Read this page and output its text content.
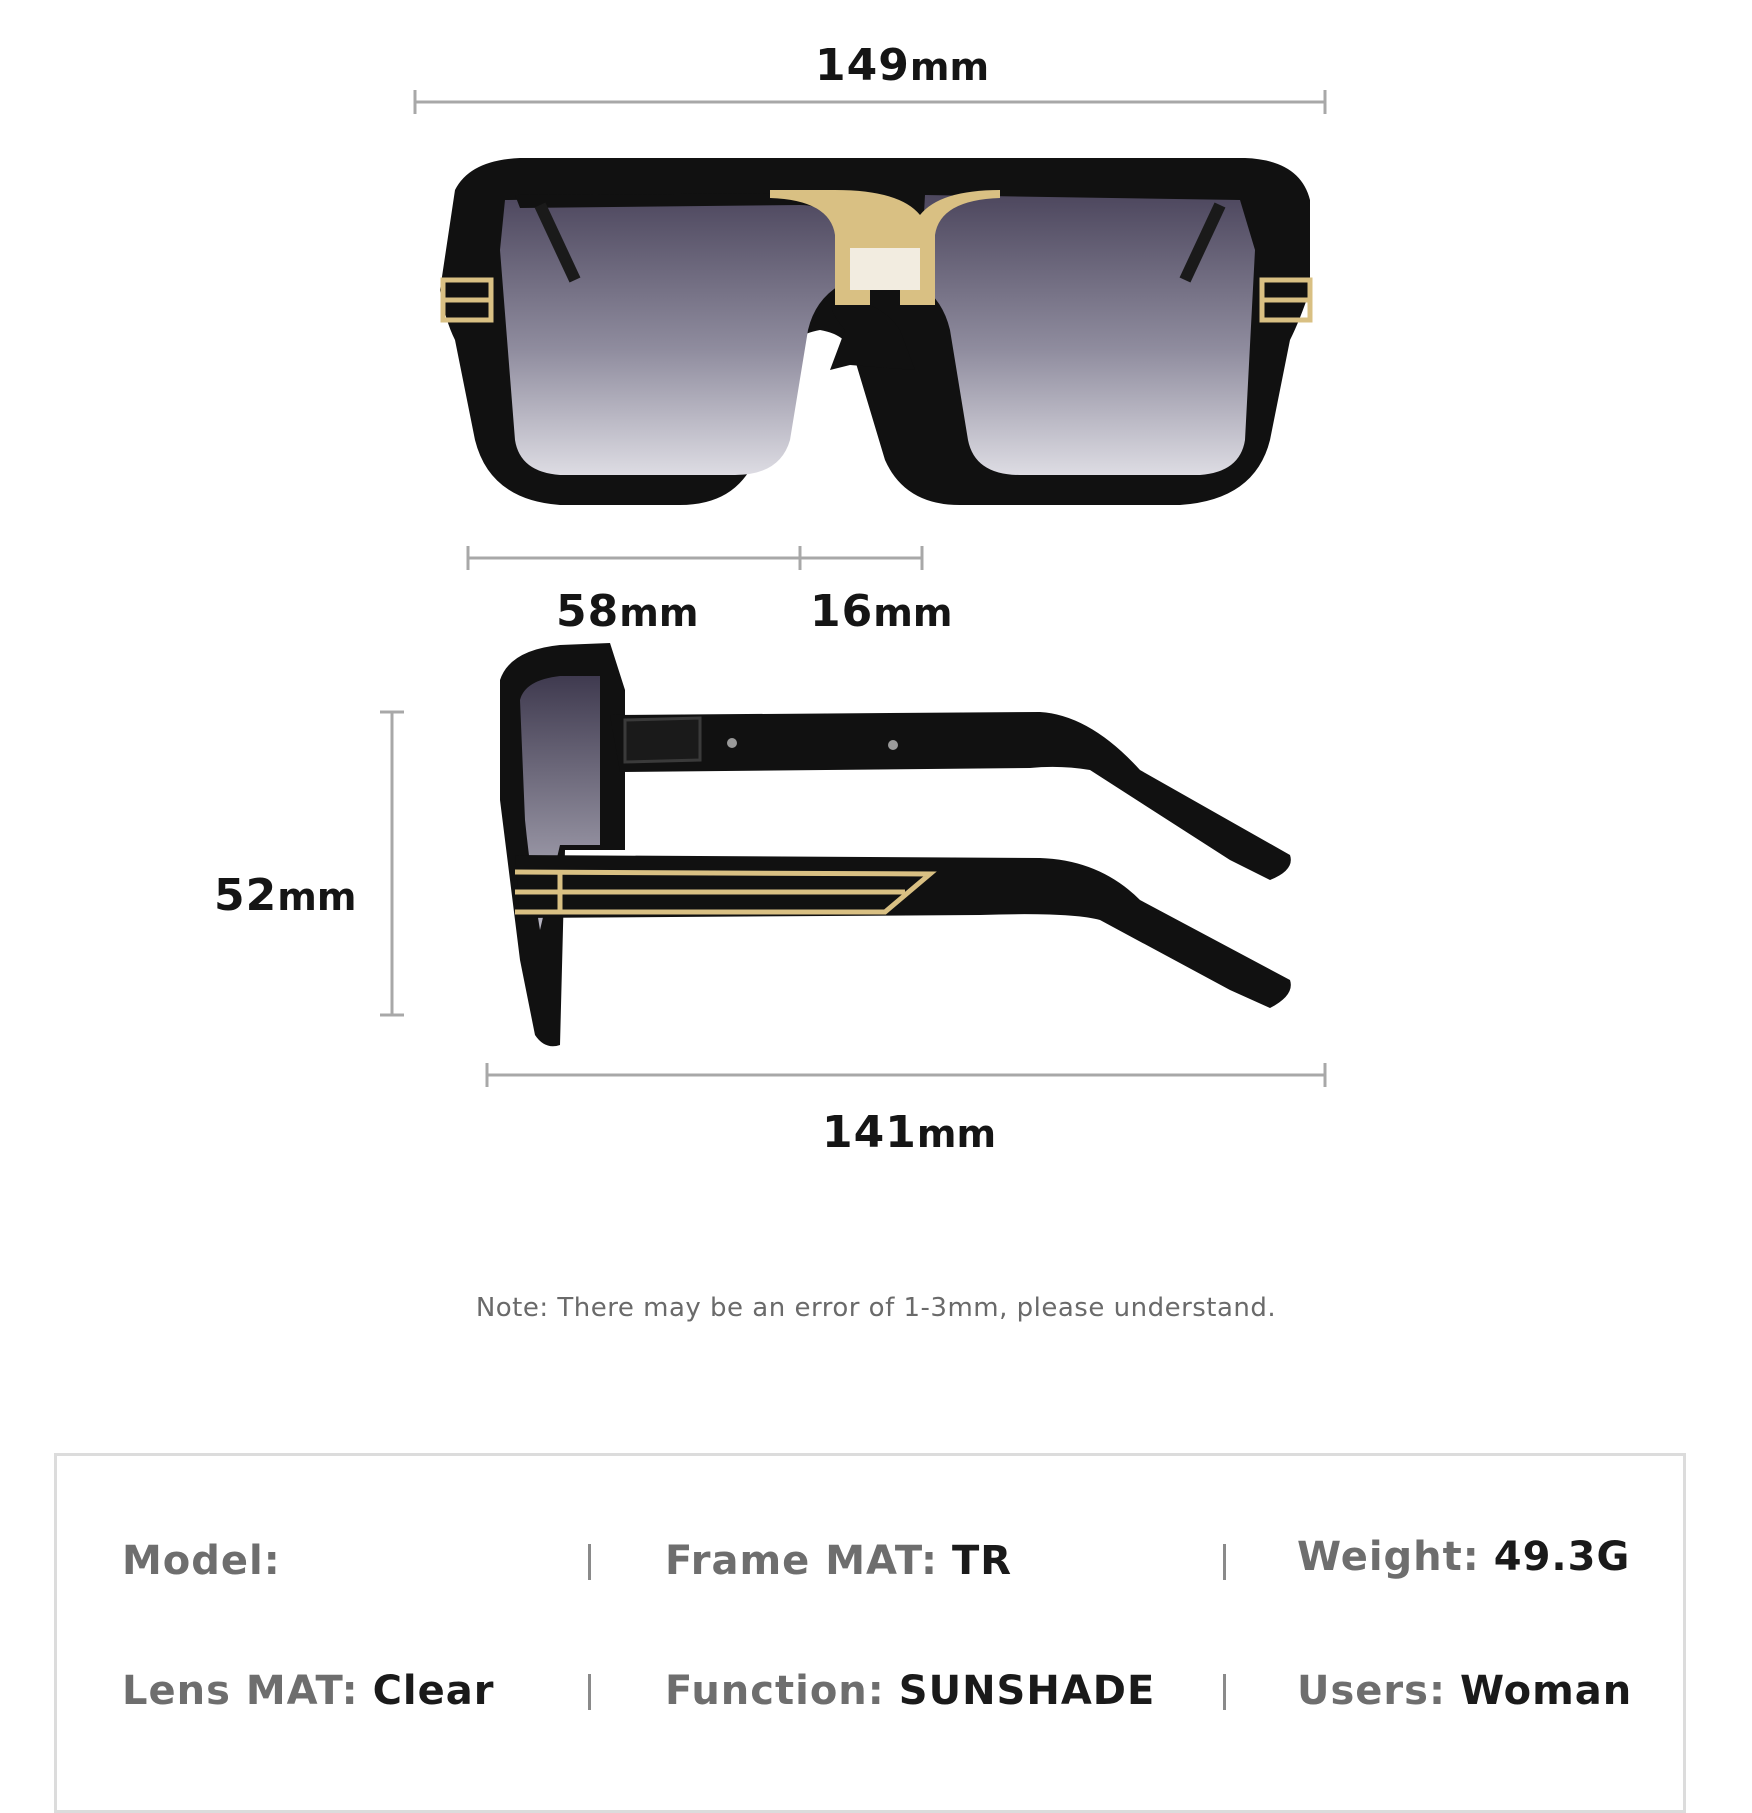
149mm
58mm	16mm
52mm
141mm
Note: There may be an error of 1-3mm, please understand.
Model:	Frame MAT: TR	Weight: 49.3G
Lens MAT: Clear	Function: SUNSHADE	Users: Woman
